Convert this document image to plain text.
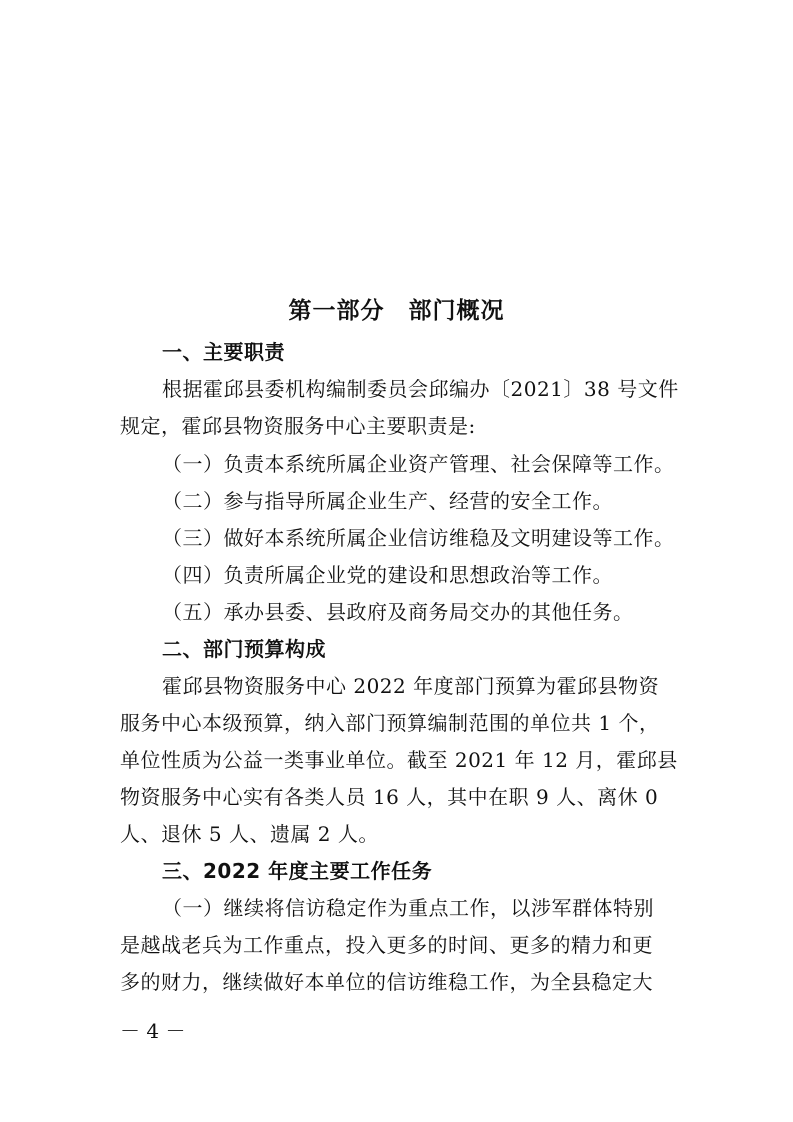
第一部分　部门概况
一、主要职责
根据霍邱县委机构编制委员会邱编办〔2021〕38 号文件
规定，霍邱县物资服务中心主要职责是:
（一）负责本系统所属企业资产管理、社会保障等工作。
（二）参与指导所属企业生产、经营的安全工作。
（三）做好本系统所属企业信访维稳及文明建设等工作。
（四）负责所属企业党的建设和思想政治等工作。
（五）承办县委、县政府及商务局交办的其他任务。
二、部门预算构成
霍邱县物资服务中心 2022 年度部门预算为霍邱县物资
服务中心本级预算，纳入部门预算编制范围的单位共 1 个，
单位性质为公益一类事业单位。截至 2021 年 12 月，霍邱县
物资服务中心实有各类人员 16 人，其中在职 9 人、离休 0
人、退休 5 人、遗属 2 人。
三、2022 年度主要工作任务
（一）继续将信访稳定作为重点工作，以涉军群体特别
是越战老兵为工作重点，投入更多的时间、更多的精力和更
多的财力，继续做好本单位的信访维稳工作，为全县稳定大
－ 4 －
